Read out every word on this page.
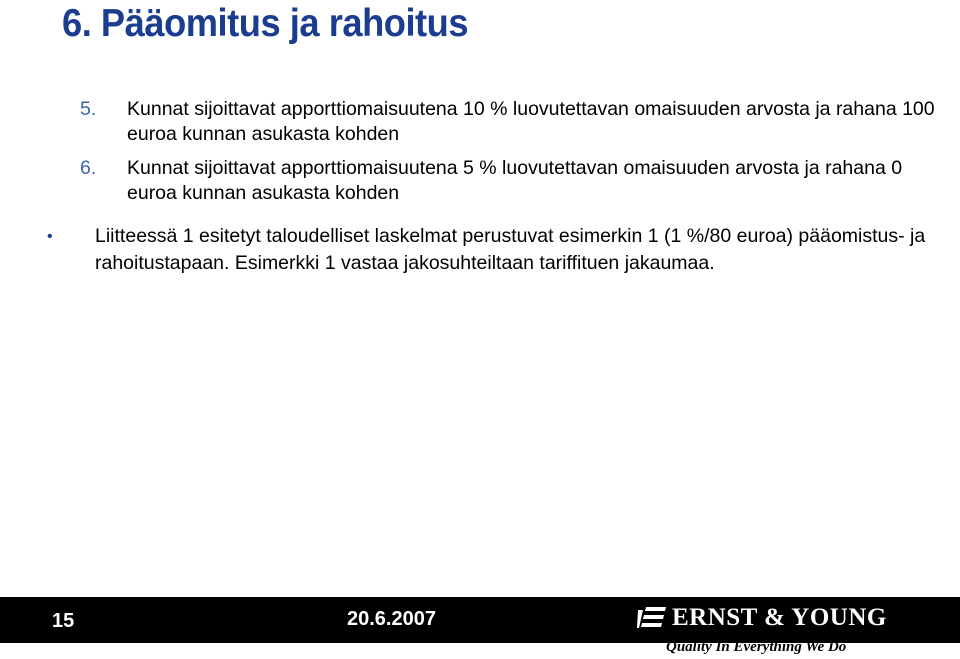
6. Pääomitus ja rahoitus
5. Kunnat sijoittavat apporttiomaisuutena 10 % luovutettavan omaisuuden arvosta ja rahana 100 euroa kunnan asukasta kohden
6. Kunnat sijoittavat apporttiomaisuutena 5 % luovutettavan omaisuuden arvosta ja rahana 0 euroa kunnan asukasta kohden
•	Liitteessä 1 esitetyt taloudelliset laskelmat perustuvat esimerkin 1 (1 %/80 euroa) pääomistus- ja rahoitustapaan. Esimerkki 1 vastaa jakosuhteiltaan tariffituen jakaumaa.
15	20.6.2007	ERNST & YOUNG
Quality In Everything We Do
